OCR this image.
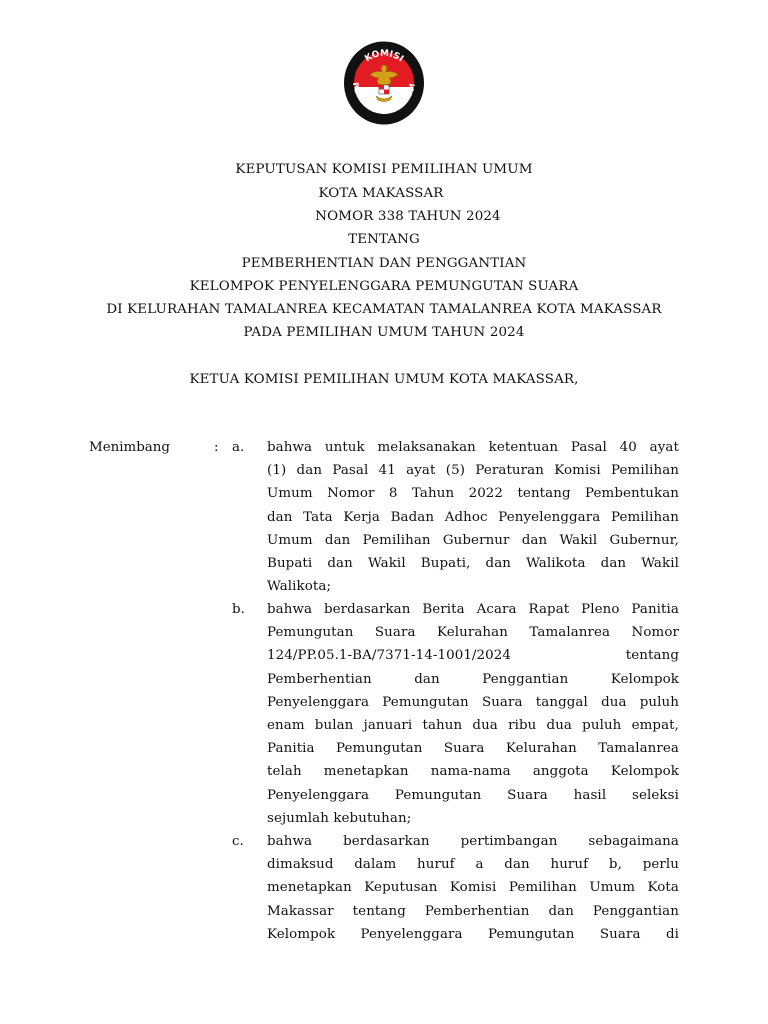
KOMISI
PEMILIHAN UMUM
KEPUTUSAN KOMISI PEMILIHAN UMUM
KOTA MAKASSAR
NOMOR 338 TAHUN 2024
TENTANG
PEMBERHENTIAN DAN PENGGANTIAN
KELOMPOK PENYELENGGARA PEMUNGUTAN SUARA
DI KELURAHAN TAMALANREA KECAMATAN TAMALANREA KOTA MAKASSAR
PADA PEMILIHAN UMUM TAHUN 2024
KETUA KOMISI PEMILIHAN UMUM KOTA MAKASSAR,
Menimbang	: a. bahwa untuk melaksanakan ketentuan Pasal 40 ayat
(1) dan Pasal 41 ayat (5) Peraturan Komisi Pemilihan
Umum Nomor 8 Tahun 2022 tentang Pembentukan
dan Tata Kerja Badan Adhoc Penyelenggara Pemilihan
Umum dan Pemilihan Gubernur dan Wakil Gubernur,
Bupati dan Wakil Bupati, dan Walikota dan Wakil
Walikota;
b. bahwa berdasarkan Berita Acara Rapat Pleno Panitia
Pemungutan Suara Kelurahan Tamalanrea Nomor
124/PP.05.1-BA/7371-14-1001/2024 tentang
Pemberhentian dan Penggantian Kelompok
Penyelenggara Pemungutan Suara tanggal dua puluh
enam bulan januari tahun dua ribu dua puluh empat,
Panitia Pemungutan Suara Kelurahan Tamalanrea
telah menetapkan nama-nama anggota Kelompok
Penyelenggara Pemungutan Suara hasil seleksi
sejumlah kebutuhan;
c. bahwa berdasarkan pertimbangan sebagaimana
dimaksud dalam huruf a dan huruf b, perlu
menetapkan Keputusan Komisi Pemilihan Umum Kota
Makassar tentang Pemberhentian dan Penggantian
Kelompok Penyelenggara Pemungutan Suara di
